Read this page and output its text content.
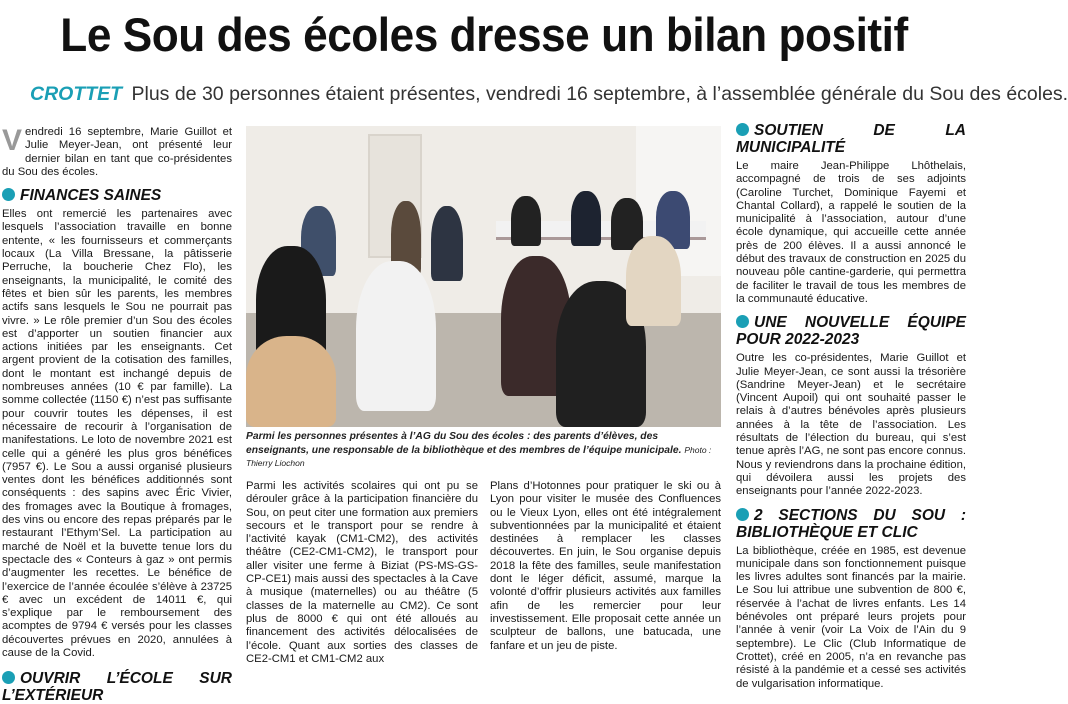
Le Sou des écoles dresse un bilan positif
CROTTET Plus de 30 personnes étaient présentes, vendredi 16 septembre, à l’assemblée générale du Sou des écoles.

Vendredi 16 septembre, Marie Guillot et Julie Meyer-Jean, ont présenté leur dernier bilan en tant que co-présidentes du Sou des écoles.

FINANCES SAINES

Elles ont remercié les partenaires avec lesquels l’association travaille en bonne entente, « les fournisseurs et commerçants locaux (La Villa Bressane, la pâtisserie Perruche, la boucherie Chez Flo), les enseignants, la municipalité, le comité des fêtes et bien sûr les parents, les membres actifs sans lesquels le Sou ne pourrait pas vivre. » Le rôle premier d’un Sou des écoles est d’apporter un soutien financier aux actions initiées par les enseignants. Cet argent provient de la cotisation des familles, dont le montant est inchangé depuis de nombreuses années (10 € par famille). La somme collectée (1150 €) n’est pas suffisante pour couvrir toutes les dépenses, il est nécessaire de recourir à l’organisation de manifestations. Le loto de novembre 2021 est celle qui a généré les plus gros bénéfices (7957 €). Le Sou a aussi organisé plusieurs ventes dont les bénéfices additionnés sont conséquents : des sapins avec Éric Vivier, des fromages avec la Boutique à fromages, des vins ou encore des repas préparés par le restaurant l’Ethym’Sel. La participation au marché de Noël et la buvette tenue lors du spectacle des « Conteurs à gaz » ont permis d’augmenter les recettes. Le bénéfice de l’exercice de l’année écoulée s’élève à 23725 € avec un excédent de 14011 €, qui s’explique par le remboursement des acomptes de 9794 € versés pour les classes découvertes prévues en 2020, annulées à cause de la Covid.

OUVRIR L’ÉCOLE SUR L’EXTÉRIEUR
Parmi les personnes présentes à l’AG du Sou des écoles : des parents d’élèves, des enseignants, une responsable de la bibliothèque et des membres de l’équipe municipale. Photo : Thierry Liochon
Parmi les activités scolaires qui ont pu se dérouler grâce à la participation financière du Sou, on peut citer une formation aux premiers secours et le transport pour se rendre à l’activité kayak (CM1-CM2), des activités théâtre (CE2-CM1-CM2), le transport pour aller visiter une ferme à Biziat (PS-MS-GS-CP-CE1) mais aussi des spectacles à la Cave à musique (maternelles) ou au théâtre (5 classes de la maternelle au CM2). Ce sont plus de 8000 € qui ont été alloués au financement des activités délocalisées de l’école. Quant aux sorties des classes de CE2-CM1 et CM1-CM2 aux
Plans d’Hotonnes pour pratiquer le ski ou à Lyon pour visiter le musée des Confluences ou le Vieux Lyon, elles ont été intégralement subventionnées par la municipalité et étaient destinées à remplacer les classes découvertes. En juin, le Sou organise depuis 2018 la fête des familles, seule manifestation dont le léger déficit, assumé, marque la volonté d’offrir plusieurs activités aux familles afin de les remercier pour leur investissement. Elle proposait cette année un sculpteur de ballons, une batucada, une fanfare et un jeu de piste.
SOUTIEN DE LA MUNICIPALITÉ

Le maire Jean-Philippe Lhôthelais, accompagné de trois de ses adjoints (Caroline Turchet, Dominique Fayemi et Chantal Collard), a rappelé le soutien de la municipalité à l’association, autour d’une école dynamique, qui accueille cette année près de 200 élèves. Il a aussi annoncé le début des travaux de construction en 2025 du nouveau pôle cantine-garderie, qui permettra de faciliter le travail de tous les membres de la communauté éducative.

UNE NOUVELLE ÉQUIPE POUR 2022-2023

Outre les co-présidentes, Marie Guillot et Julie Meyer-Jean, ce sont aussi la trésorière (Sandrine Meyer-Jean) et le secrétaire (Vincent Aupoil) qui ont souhaité passer le relais à d’autres bénévoles après plusieurs années à la tête de l’association. Les résultats de l’élection du bureau, qui s’est tenue après l’AG, ne sont pas encore connus. Nous y reviendrons dans la prochaine édition, qui dévoilera aussi les projets des enseignants pour l’année 2022-2023.

2 SECTIONS DU SOU : BIBLIOTHÈQUE ET CLIC

La bibliothèque, créée en 1985, est devenue municipale dans son fonctionnement puisque les livres adultes sont financés par la mairie. Le Sou lui attribue une subvention de 800 €, réservée à l’achat de livres enfants. Les 14 bénévoles ont préparé leurs projets pour l’année à venir (voir La Voix de l’Ain du 9 septembre). Le Clic (Club Informatique de Crottet), créé en 2005, n’a en revanche pas résisté à la pandémie et a cessé ses activités de vulgarisation informatique.
